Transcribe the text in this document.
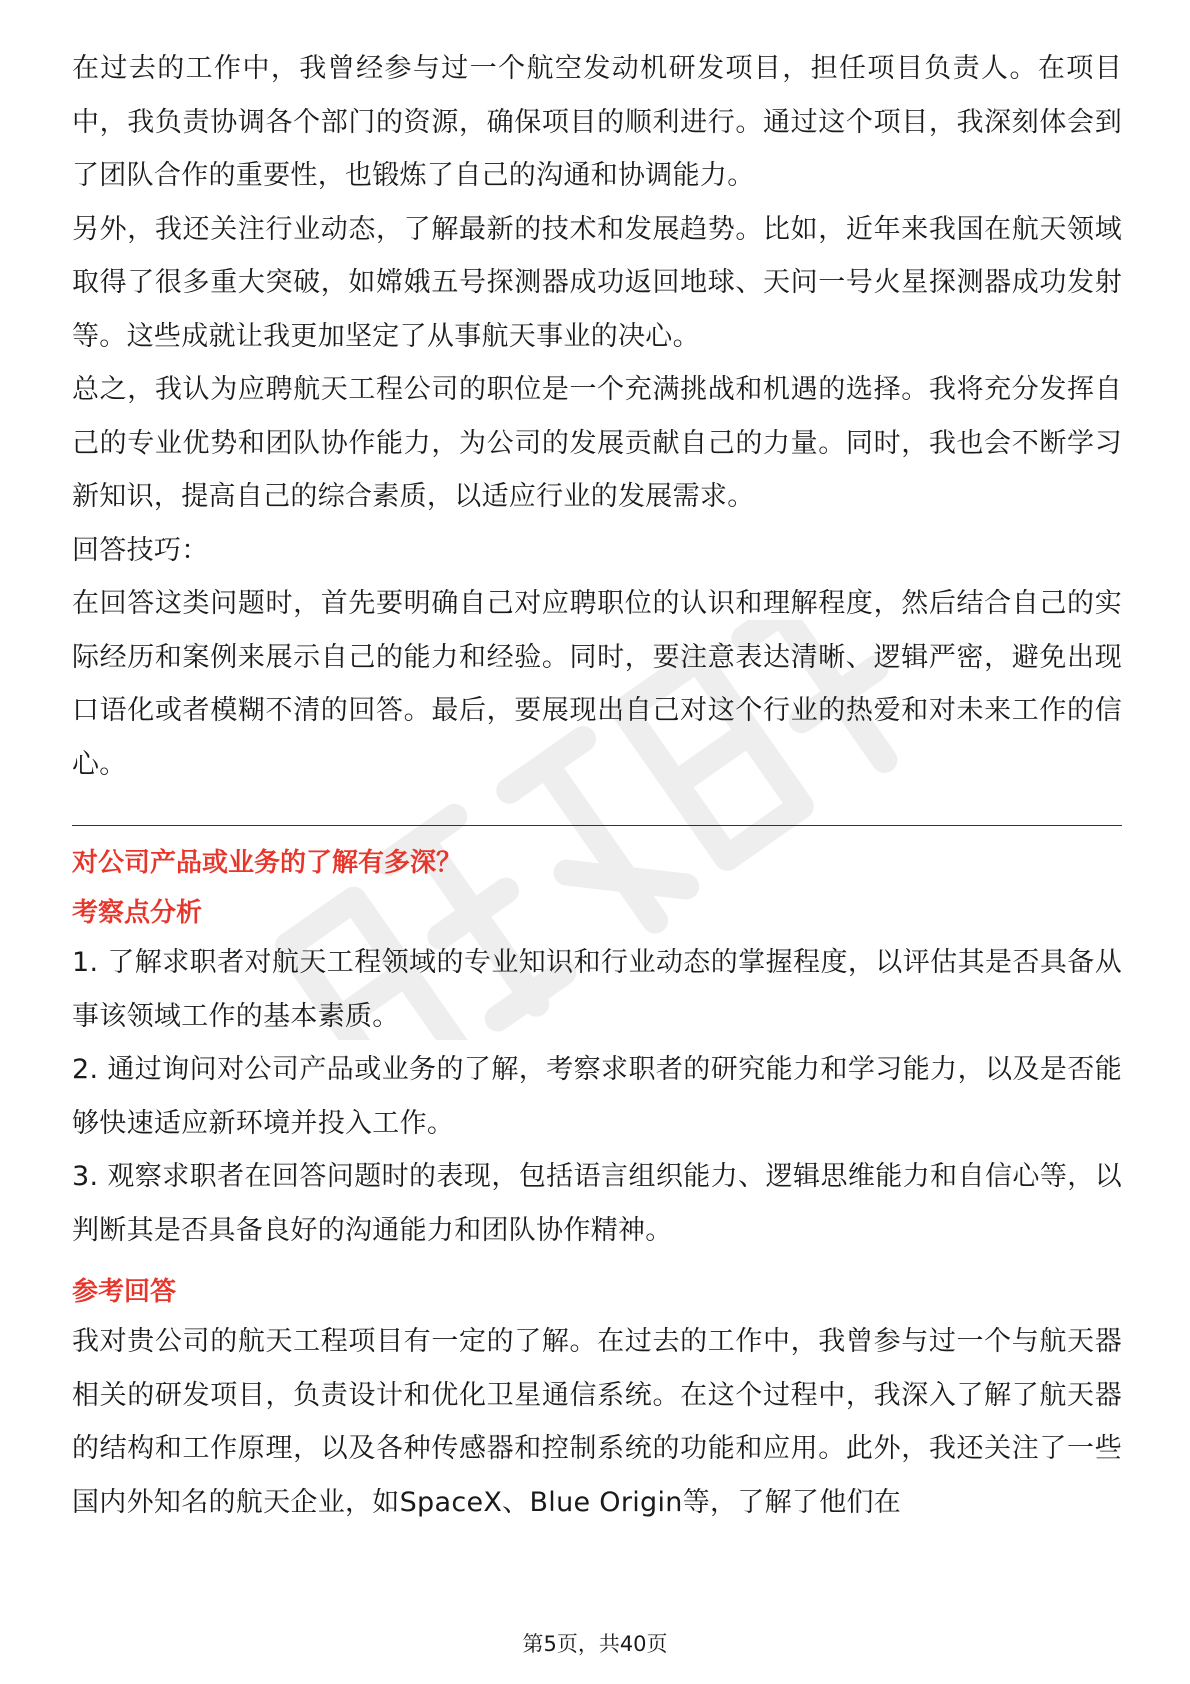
在过去的工作中，我曾经参与过一个航空发动机研发项目，担任项目负责人。在项目中，我负责协调各个部门的资源，确保项目的顺利进行。通过这个项目，我深刻体会到了团队合作的重要性，也锻炼了自己的沟通和协调能力。

另外，我还关注行业动态，了解最新的技术和发展趋势。比如，近年来我国在航天领域取得了很多重大突破，如嫦娥五号探测器成功返回地球、天问一号火星探测器成功发射等。这些成就让我更加坚定了从事航天事业的决心。

总之，我认为应聘航天工程公司的职位是一个充满挑战和机遇的选择。我将充分发挥自己的专业优势和团队协作能力，为公司的发展贡献自己的力量。同时，我也会不断学习新知识，提高自己的综合素质，以适应行业的发展需求。

回答技巧：

在回答这类问题时，首先要明确自己对应聘职位的认识和理解程度，然后结合自己的实际经历和案例来展示自己的能力和经验。同时，要注意表达清晰、逻辑严密，避免出现口语化或者模糊不清的回答。最后，要展现出自己对这个行业的热爱和对未来工作的信心。

对公司产品或业务的了解有多深？

考察点分析

1. 了解求职者对航天工程领域的专业知识和行业动态的掌握程度，以评估其是否具备从事该领域工作的基本素质。

2. 通过询问对公司产品或业务的了解，考察求职者的研究能力和学习能力，以及是否能够快速适应新环境并投入工作。

3. 观察求职者在回答问题时的表现，包括语言组织能力、逻辑思维能力和自信心等，以判断其是否具备良好的沟通能力和团队协作精神。

参考回答

我对贵公司的航天工程项目有一定的了解。在过去的工作中，我曾参与过一个与航天器相关的研发项目，负责设计和优化卫星通信系统。在这个过程中，我深入了解了航天器的结构和工作原理，以及各种传感器和控制系统的功能和应用。此外，我还关注了一些国内外知名的航天企业，如SpaceX、Blue Origin等，了解了他们在

第5页，共40页
